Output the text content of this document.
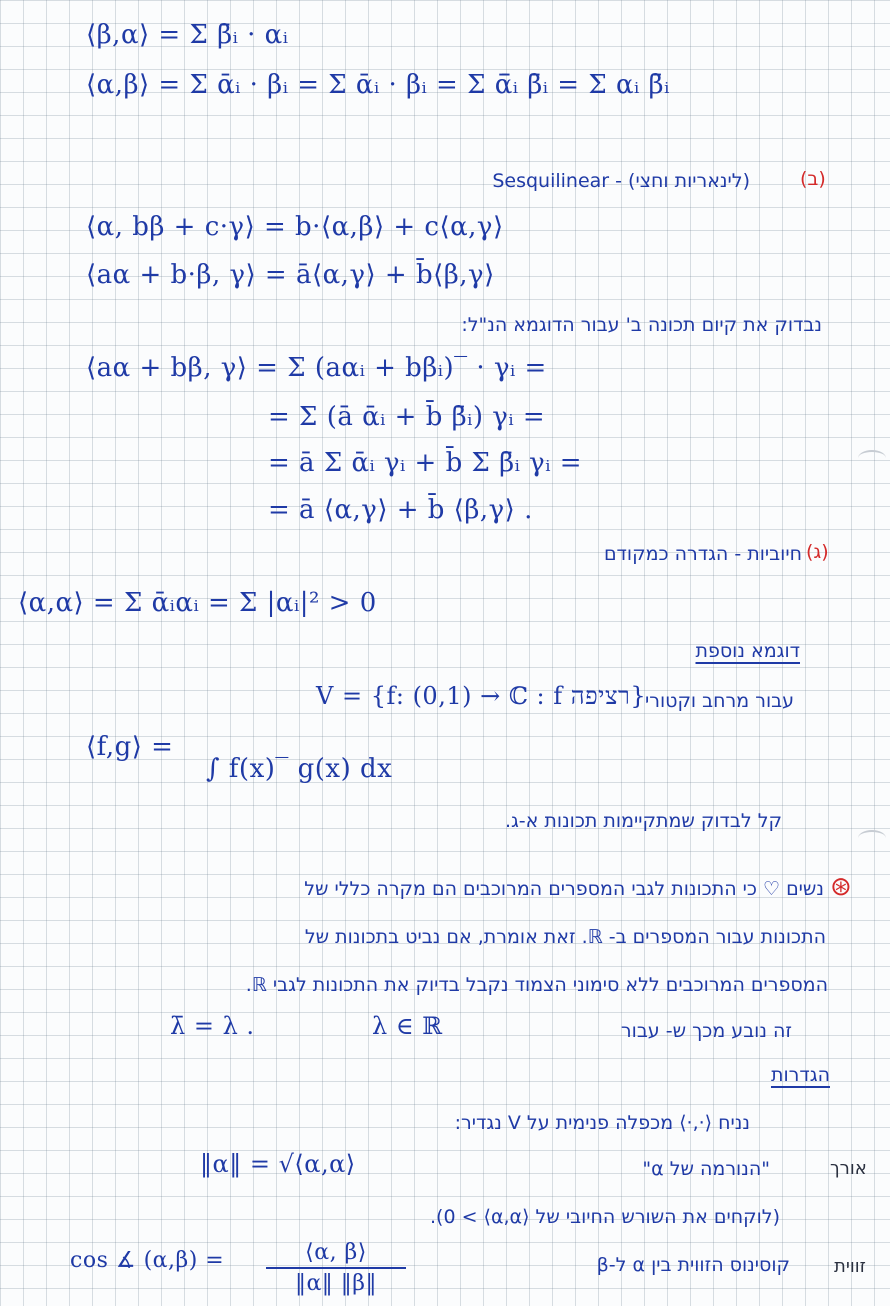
⟨β,α⟩ = Σ β̄ᵢ · αᵢ
⟨α,β⟩ = Σ ᾱᵢ · βᵢ = Σ ᾱᵢ · βᵢ = Σ ᾱ̄ᵢ β̄ᵢ = Σ αᵢ β̄ᵢ
(לינאריות וחצי) - Sesquilinear	(ב)
⟨α, bβ + c·γ⟩ = b·⟨α,β⟩ + c⟨α,γ⟩
⟨aα + b·β, γ⟩ = ā⟨α,γ⟩ + b̄⟨β,γ⟩
נבדוק את קיום תכונה ב' עבור הדוגמא הנ"ל:
⟨aα + bβ, γ⟩ = Σ (aαᵢ + bβᵢ)‾ · γᵢ =
= Σ (ā ᾱᵢ + b̄ β̄ᵢ) γᵢ =
= ā Σ ᾱᵢ γᵢ + b̄ Σ β̄ᵢ γᵢ =
= ā ⟨α,γ⟩ + b̄ ⟨β,γ⟩ .
חיוביות - הגדרה כמקודם (ג)
⟨α,α⟩ = Σ ᾱᵢαᵢ = Σ |αᵢ|² > 0
דוגמא נוספת
V = {f: (0,1) → ℂ : f רציפה}
עבור מרחב וקטורי
⟨f,g⟩ =
∫ f(x)‾ g(x) dx
קל לבדוק שמתקיימות תכונות א-ג.
⊛
נשים ♡ כי התכונות לגבי המספרים המרוכבים הם מקרה כללי של
התכונות עבור המספרים ב- ℝ. זאת אומרת, אם נביט בתכונות של
המספרים המרוכבים ללא סימוני הצמוד נקבל בדיוק את התכונות לגבי ℝ.
זה נובע מכך ש- עבור
λ ∈ ℝ
λ̄ = λ .
הגדרות
נניח ⟨·,·⟩ מכפלה פנימית על V נגדיר:
אורך
"הנורמה של α"
‖α‖ = √⟨α,α⟩
(לוקחים את השורש החיובי של ⟨α,α⟩ > 0).
זווית
קוסינוס הזווית בין α ל-β
cos ∡ $(\alpha,\beta) = \frac{⟨\alpha, \beta⟩}{‖\alpha‖ ‖\beta‖}$
